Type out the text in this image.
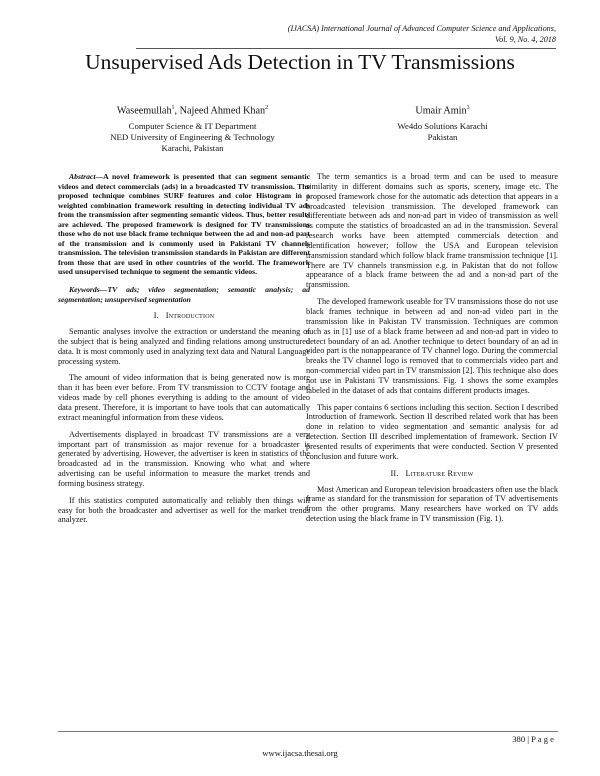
(IJACSA) International Journal of Advanced Computer Science and Applications,
Vol. 9, No. 4, 2018
Unsupervised Ads Detection in TV Transmissions
Waseemullah$^1$, Najeed Ahmed Khan$^2$
Computer Science & IT Department
NED University of Engineering & Technology
Karachi, Pakistan
Umair Amin$^3$
We4do Solutions Karachi
Pakistan

Abstract—A novel framework is presented that can segment semantic videos and detect commercials (ads) in a broadcasted TV transmission. The proposed technique combines SURF features and color Histogram in a weighted combination framework resulting in detecting individual TV ads from the transmission after segmenting semantic videos. Thus, better results are achieved. The proposed framework is designed for TV transmissions those who do not use black frame technique between the ad and non-ad part of the transmission and is commonly used in Pakistani TV channels transmission. The television transmission standards in Pakistan are different from those that are used in other countries of the world. The framework used unsupervised technique to segment the semantic videos.

Keywords—TV ads; video segmentation; semantic analysis; ad segmentation; unsupervised segmentation

I. Introduction

Semantic analyses involve the extraction or understand the meaning of the subject that is being analyzed and finding relations among unstructured data. It is most commonly used in analyzing text data and Natural Language processing system.

The amount of video information that is being generated now is more than it has been ever before. From TV transmission to CCTV footage and videos made by cell phones everything is adding to the amount of video data present. Therefore, it is important to have tools that can automatically extract meaningful information from these videos.

Advertisements displayed in broadcast TV transmissions are a very important part of transmission as major revenue for a broadcaster is generated by advertising. However, the advertiser is keen in statistics of the broadcasted ad in the transmission. Knowing who what and where advertising can be useful information to measure the market trends and forming business strategy.

If this statistics computed automatically and reliably then things will easy for both the broadcaster and advertiser as well for the market trends analyzer.

The term semantics is a broad term and can be used to measure similarity in different domains such as sports, scenery, image etc. The proposed framework chose for the automatic ads detection that appears in a broadcasted television transmission. The developed framework can differentiate between ads and non-ad part in video of transmission as well as compute the statistics of broadcasted an ad in the transmission. Several research works have been attempted commercials detection and identification however; follow the USA and European television transmission standard which follow black frame transmission technique [1]. There are TV channels transmission e.g. in Pakistan that do not follow appearance of a black frame between the ad and a non-ad part of the transmission.

The developed framework useable for TV transmissions those do not use black frames technique in between ad and non-ad video part in the transmission like in Pakistan TV transmission. Techniques are common such as in [1] use of a black frame between ad and non-ad part in video to detect boundary of an ad. Another technique to detect boundary of an ad in video part is the nonappearance of TV channel logo. During the commercial breaks the TV channel logo is removed that to commercials video part and non-commercial video part in TV transmission [2]. This technique also does not use in Pakistani TV transmissions. Fig. 1 shows the some examples labeled in the dataset of ads that contains different products images.

This paper contains 6 sections including this section. Section I described Introduction of framework. Section II described related work that has been done in relation to video segmentation and semantic analysis for ad detection. Section III described implementation of framework. Section IV presented results of experiments that were conducted. Section V presented conclusion and future work.

II. Literature Review

Most American and European television broadcasters often use the black frame as standard for the transmission for separation of TV advertisements from the other programs. Many researchers have worked on TV adds detection using the black frame in TV transmission (Fig. 1).

380 | P a g e
www.ijacsa.thesai.org
